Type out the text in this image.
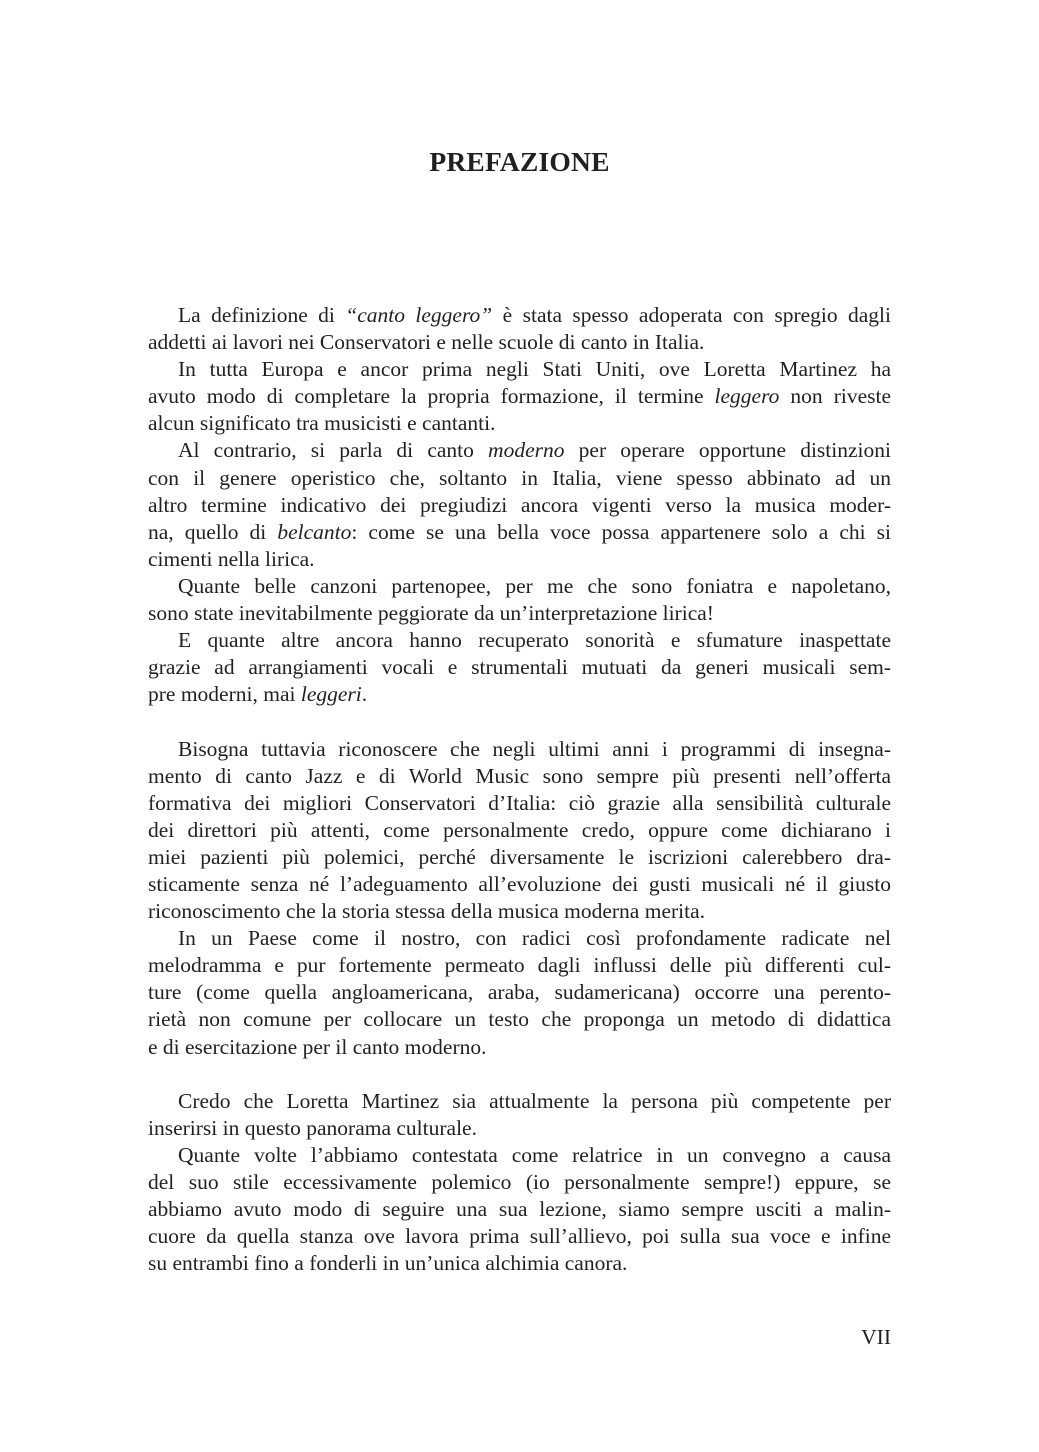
PREFAZIONE
La definizione di “canto leggero” è stata spesso adoperata con spregio dagli
addetti ai lavori nei Conservatori e nelle scuole di canto in Italia.
In tutta Europa e ancor prima negli Stati Uniti, ove Loretta Martinez ha
avuto modo di completare la propria formazione, il termine leggero non riveste
alcun significato tra musicisti e cantanti.
Al contrario, si parla di canto moderno per operare opportune distinzioni
con il genere operistico che, soltanto in Italia, viene spesso abbinato ad un
altro termine indicativo dei pregiudizi ancora vigenti verso la musica moder-
na, quello di belcanto: come se una bella voce possa appartenere solo a chi si
cimenti nella lirica.
Quante belle canzoni partenopee, per me che sono foniatra e napoletano,
sono state inevitabilmente peggiorate da un’interpretazione lirica!
E quante altre ancora hanno recuperato sonorità e sfumature inaspettate
grazie ad arrangiamenti vocali e strumentali mutuati da generi musicali sem-
pre moderni, mai leggeri.
Bisogna tuttavia riconoscere che negli ultimi anni i programmi di insegna-
mento di canto Jazz e di World Music sono sempre più presenti nell’offerta
formativa dei migliori Conservatori d’Italia: ciò grazie alla sensibilità culturale
dei direttori più attenti, come personalmente credo, oppure come dichiarano i
miei pazienti più polemici, perché diversamente le iscrizioni calerebbero dra-
sticamente senza né l’adeguamento all’evoluzione dei gusti musicali né il giusto
riconoscimento che la storia stessa della musica moderna merita.
In un Paese come il nostro, con radici così profondamente radicate nel
melodramma e pur fortemente permeato dagli influssi delle più differenti cul-
ture (come quella angloamericana, araba, sudamericana) occorre una perento-
rietà non comune per collocare un testo che proponga un metodo di didattica
e di esercitazione per il canto moderno.
Credo che Loretta Martinez sia attualmente la persona più competente per
inserirsi in questo panorama culturale.
Quante volte l’abbiamo contestata come relatrice in un convegno a causa
del suo stile eccessivamente polemico (io personalmente sempre!) eppure, se
abbiamo avuto modo di seguire una sua lezione, siamo sempre usciti a malin-
cuore da quella stanza ove lavora prima sull’allievo, poi sulla sua voce e infine
su entrambi fino a fonderli in un’unica alchimia canora.
VII
